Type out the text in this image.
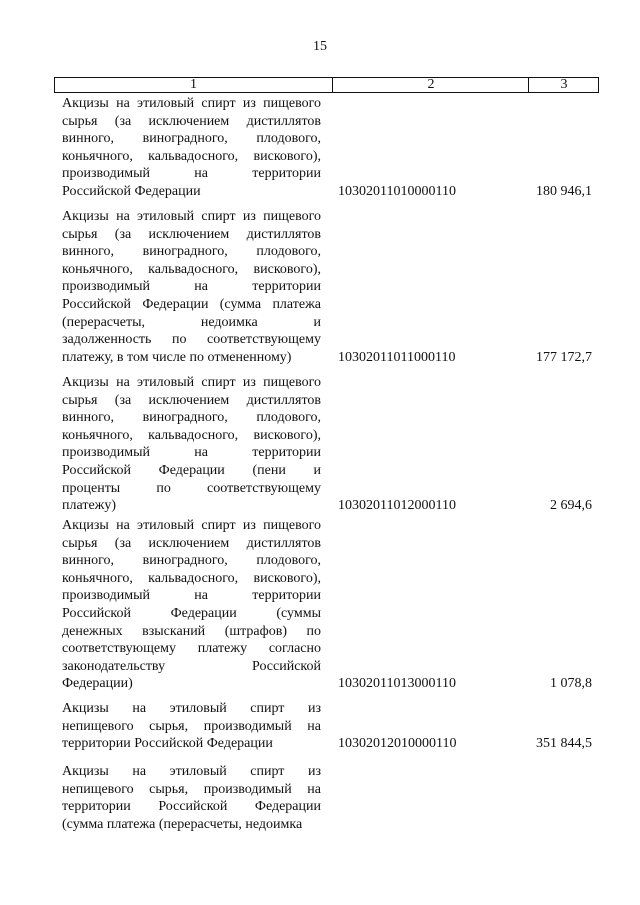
15
1	2	3
Акцизы на этиловый спирт из пищевого
сырья (за исключением дистиллятов
винного, виноградного, плодового,
коньячного, кальвадосного, вискового),
производимый на территории
Российской Федерации	10302011010000110	180 946,1
Акцизы на этиловый спирт из пищевого
сырья (за исключением дистиллятов
винного, виноградного, плодового,
коньячного, кальвадосного, вискового),
производимый на территории
Российской Федерации (сумма платежа
(перерасчеты, недоимка и
задолженность по соответствующему
платежу, в том числе по отмененному)	10302011011000110	177 172,7
Акцизы на этиловый спирт из пищевого
сырья (за исключением дистиллятов
винного, виноградного, плодового,
коньячного, кальвадосного, вискового),
производимый на территории
Российской Федерации (пени и
проценты по соответствующему
платежу)	10302011012000110	2 694,6
Акцизы на этиловый спирт из пищевого
сырья (за исключением дистиллятов
винного, виноградного, плодового,
коньячного, кальвадосного, вискового),
производимый на территории
Российской Федерации (суммы
денежных взысканий (штрафов) по
соответствующему платежу согласно
законодательству Российской
Федерации)	10302011013000110	1 078,8
Акцизы на этиловый спирт из
непищевого сырья, производимый на
территории Российской Федерации	10302012010000110	351 844,5
Акцизы на этиловый спирт из
непищевого сырья, производимый на
территории Российской Федерации
(сумма платежа (перерасчеты, недоимка
